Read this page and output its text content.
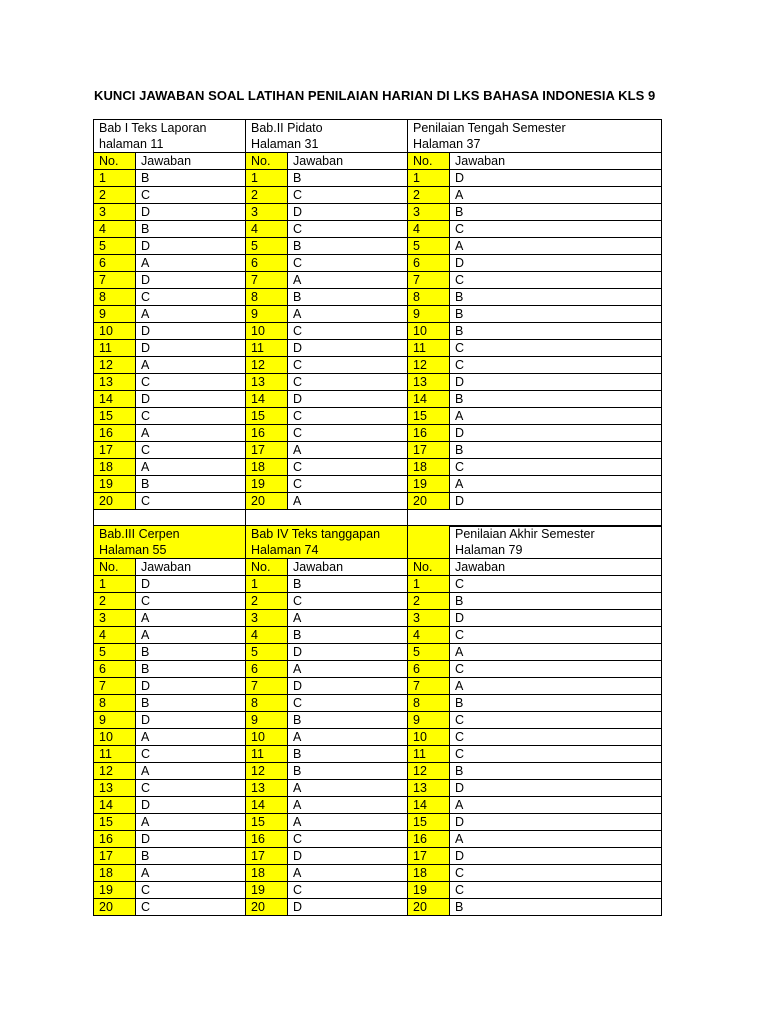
KUNCI JAWABAN SOAL LATIHAN PENILAIAN HARIAN DI LKS BAHASA INDONESIA KLS 9
Bab I Teks Laporan
halaman 11		Bab.II Pidato
Halaman 31		Penilaian Tengah Semester
Halaman 37	

No.	Jawaban	No.	Jawaban	No.	Jawaban
1	B	1	B	1	D
2	C	2	C	2	A
3	D	3	D	3	B
4	B	4	C	4	C
5	D	5	B	5	A
6	A	6	C	6	D
7	D	7	A	7	C
8	C	8	B	8	B
9	A	9	A	9	B
10	D	10	C	10	B
11	D	11	D	11	C
12	A	12	C	12	C
13	C	13	C	13	D
14	D	14	D	14	B
15	C	15	C	15	A
16	A	16	C	16	D
17	C	17	A	17	B
18	A	18	C	18	C
19	B	19	C	19	A
20	C	20	A	20	D

Bab.III Cerpen
Halaman 55		Bab IV Teks tanggapan
Halaman 74			Penilaian Akhir Semester
Halaman 79

No.	Jawaban	No.	Jawaban	No.	Jawaban
1	D	1	B	1	C
2	C	2	C	2	B
3	A	3	A	3	D
4	A	4	B	4	C
5	B	5	D	5	A
6	B	6	A	6	C
7	D	7	D	7	A
8	B	8	C	8	B
9	D	9	B	9	C
10	A	10	A	10	C
11	C	11	B	11	C
12	A	12	B	12	B
13	C	13	A	13	D
14	D	14	A	14	A
15	A	15	A	15	D
16	D	16	C	16	A
17	B	17	D	17	D
18	A	18	A	18	C
19	C	19	C	19	C
20	C	20	D	20	B
